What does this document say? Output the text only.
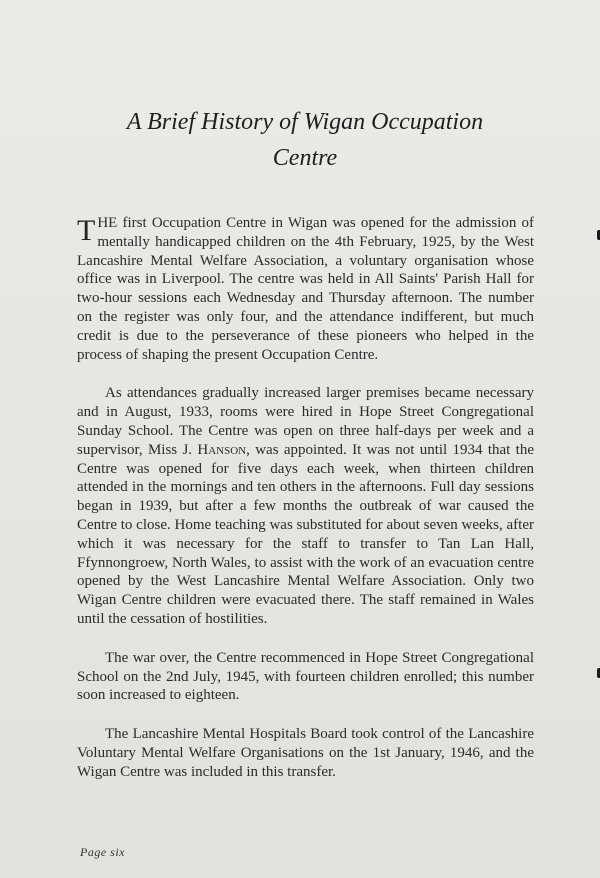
A Brief History of Wigan Occupation
Centre

THE first Occupation Centre in Wigan was opened for the admission of mentally handicapped children on the 4th February, 1925, by the West Lancashire Mental Welfare Association, a voluntary organisation whose office was in Liverpool. The centre was held in All Saints' Parish Hall for two-hour sessions each Wednesday and Thursday afternoon. The number on the register was only four, and the attendance indifferent, but much credit is due to the perseverance of these pioneers who helped in the process of shaping the present Occupation Centre.

As attendances gradually increased larger premises became necessary and in August, 1933, rooms were hired in Hope Street Congregational Sunday School. The Centre was open on three half-days per week and a supervisor, Miss J. Hanson, was appointed. It was not until 1934 that the Centre was opened for five days each week, when thirteen children attended in the mornings and ten others in the afternoons. Full day sessions began in 1939, but after a few months the outbreak of war caused the Centre to close. Home teaching was substituted for about seven weeks, after which it was necessary for the staff to transfer to Tan Lan Hall, Ffynnongroew, North Wales, to assist with the work of an evacuation centre opened by the West Lancashire Mental Welfare Association. Only two Wigan Centre children were evacuated there. The staff remained in Wales until the cessation of hostilities.

The war over, the Centre recommenced in Hope Street Congregational School on the 2nd July, 1945, with fourteen children enrolled; this number soon increased to eighteen.

The Lancashire Mental Hospitals Board took control of the Lancashire Voluntary Mental Welfare Organisations on the 1st January, 1946, and the Wigan Centre was included in this transfer.

Page six
